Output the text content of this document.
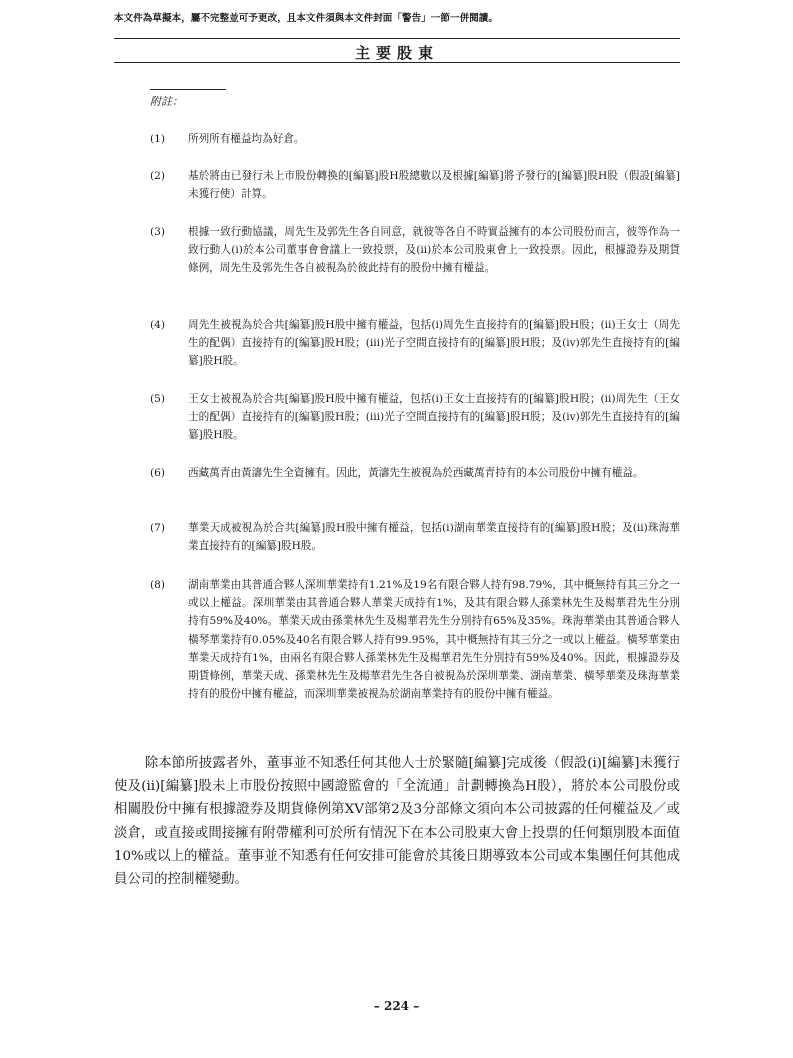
本文件為草擬本，屬不完整並可予更改，且本文件須與本文件封面「警告」一節一併閱讀。
主要股東
附註：
(1) 所列所有權益均為好倉。
(2) 基於將由已發行未上市股份轉換的[編纂]股H股總數以及根據[編纂]將予發行的[編纂]股H股（假設[編纂]未獲行使）計算。
(3) 根據一致行動協議，周先生及郭先生各自同意，就彼等各自不時實益擁有的本公司股份而言，彼等作為一致行動人(i)於本公司董事會會議上一致投票，及(ii)於本公司股東會上一致投票。因此，根據證券及期貨條例，周先生及郭先生各自被視為於彼此持有的股份中擁有權益。
(4) 周先生被視為於合共[編纂]股H股中擁有權益，包括(i)周先生直接持有的[編纂]股H股；(ii)王女士（周先生的配偶）直接持有的[編纂]股H股；(iii)光子空間直接持有的[編纂]股H股；及(iv)郭先生直接持有的[編纂]股H股。
(5) 王女士被視為於合共[編纂]股H股中擁有權益，包括(i)王女士直接持有的[編纂]股H股；(ii)周先生（王女士的配偶）直接持有的[編纂]股H股；(iii)光子空間直接持有的[編纂]股H股；及(iv)郭先生直接持有的[編纂]股H股。
(6) 西藏萬青由黃濤先生全資擁有。因此，黃濤先生被視為於西藏萬青持有的本公司股份中擁有權益。
(7) 華業天成被視為於合共[編纂]股H股中擁有權益，包括(i)湖南華業直接持有的[編纂]股H股；及(ii)珠海華業直接持有的[編纂]股H股。
(8) 湖南華業由其普通合夥人深圳華業持有1.21%及19名有限合夥人持有98.79%，其中概無持有其三分之一或以上權益。深圳華業由其普通合夥人華業天成持有1%，及其有限合夥人孫業林先生及楊華君先生分別持有59%及40%。華業天成由孫業林先生及楊華君先生分別持有65%及35%。珠海華業由其普通合夥人橫琴華業持有0.05%及40名有限合夥人持有99.95%，其中概無持有其三分之一或以上權益。橫琴華業由華業天成持有1%，由兩名有限合夥人孫業林先生及楊華君先生分別持有59%及40%。因此，根據證券及期貨條例，華業天成、孫業林先生及楊華君先生各自被視為於深圳華業、湖南華業、橫琴華業及珠海華業持有的股份中擁有權益，而深圳華業被視為於湖南華業持有的股份中擁有權益。
除本節所披露者外，董事並不知悉任何其他人士於緊隨[編纂]完成後（假設(i)[編纂]未獲行使及(ii)[編纂]股未上市股份按照中國證監會的「全流通」計劃轉換為H股），將於本公司股份或相關股份中擁有根據證券及期貨條例第XV部第2及3分部條文須向本公司披露的任何權益及／或淡倉，或直接或間接擁有附帶權利可於所有情況下在本公司股東大會上投票的任何類別股本面值10%或以上的權益。董事並不知悉有任何安排可能會於其後日期導致本公司或本集團任何其他成員公司的控制權變動。
– 224 –
